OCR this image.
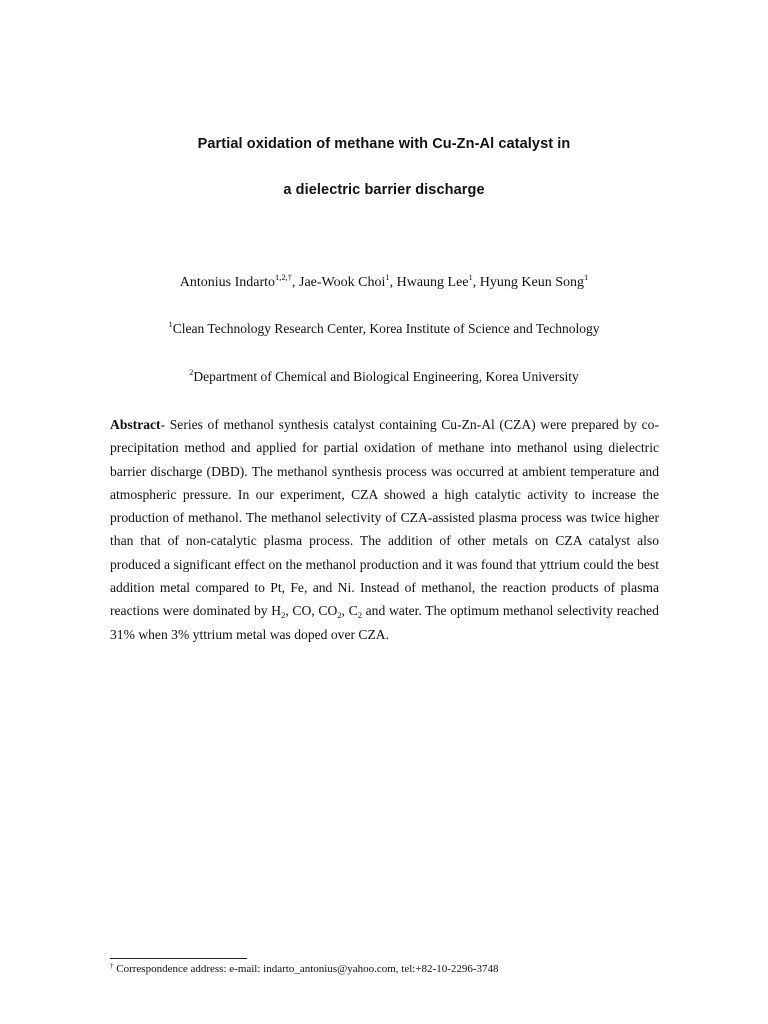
Partial oxidation of methane with Cu-Zn-Al catalyst in
a dielectric barrier discharge
Antonius Indarto$^{1,2,\dagger}$, Jae-Wook Choi$^1$, Hwaung Lee$^1$, Hyung Keun Song$^1$
$^1$Clean Technology Research Center, Korea Institute of Science and Technology
$^2$Department of Chemical and Biological Engineering, Korea University
Abstract- Series of methanol synthesis catalyst containing Cu-Zn-Al (CZA) were prepared by co-precipitation method and applied for partial oxidation of methane into methanol using dielectric barrier discharge (DBD). The methanol synthesis process was occurred at ambient temperature and atmospheric pressure. In our experiment, CZA showed a high catalytic activity to increase the production of methanol. The methanol selectivity of CZA-assisted plasma process was twice higher than that of non-catalytic plasma process. The addition of other metals on CZA catalyst also produced a significant effect on the methanol production and it was found that yttrium could the best addition metal compared to Pt, Fe, and Ni. Instead of methanol, the reaction products of plasma reactions were dominated by $H_2$, CO, $CO_2$, $C_2$ and water. The optimum methanol selectivity reached 31% when 3% yttrium metal was doped over CZA.
† Correspondence address: e-mail: indarto_antonius@yahoo.com, tel:+82-10-2296-3748
